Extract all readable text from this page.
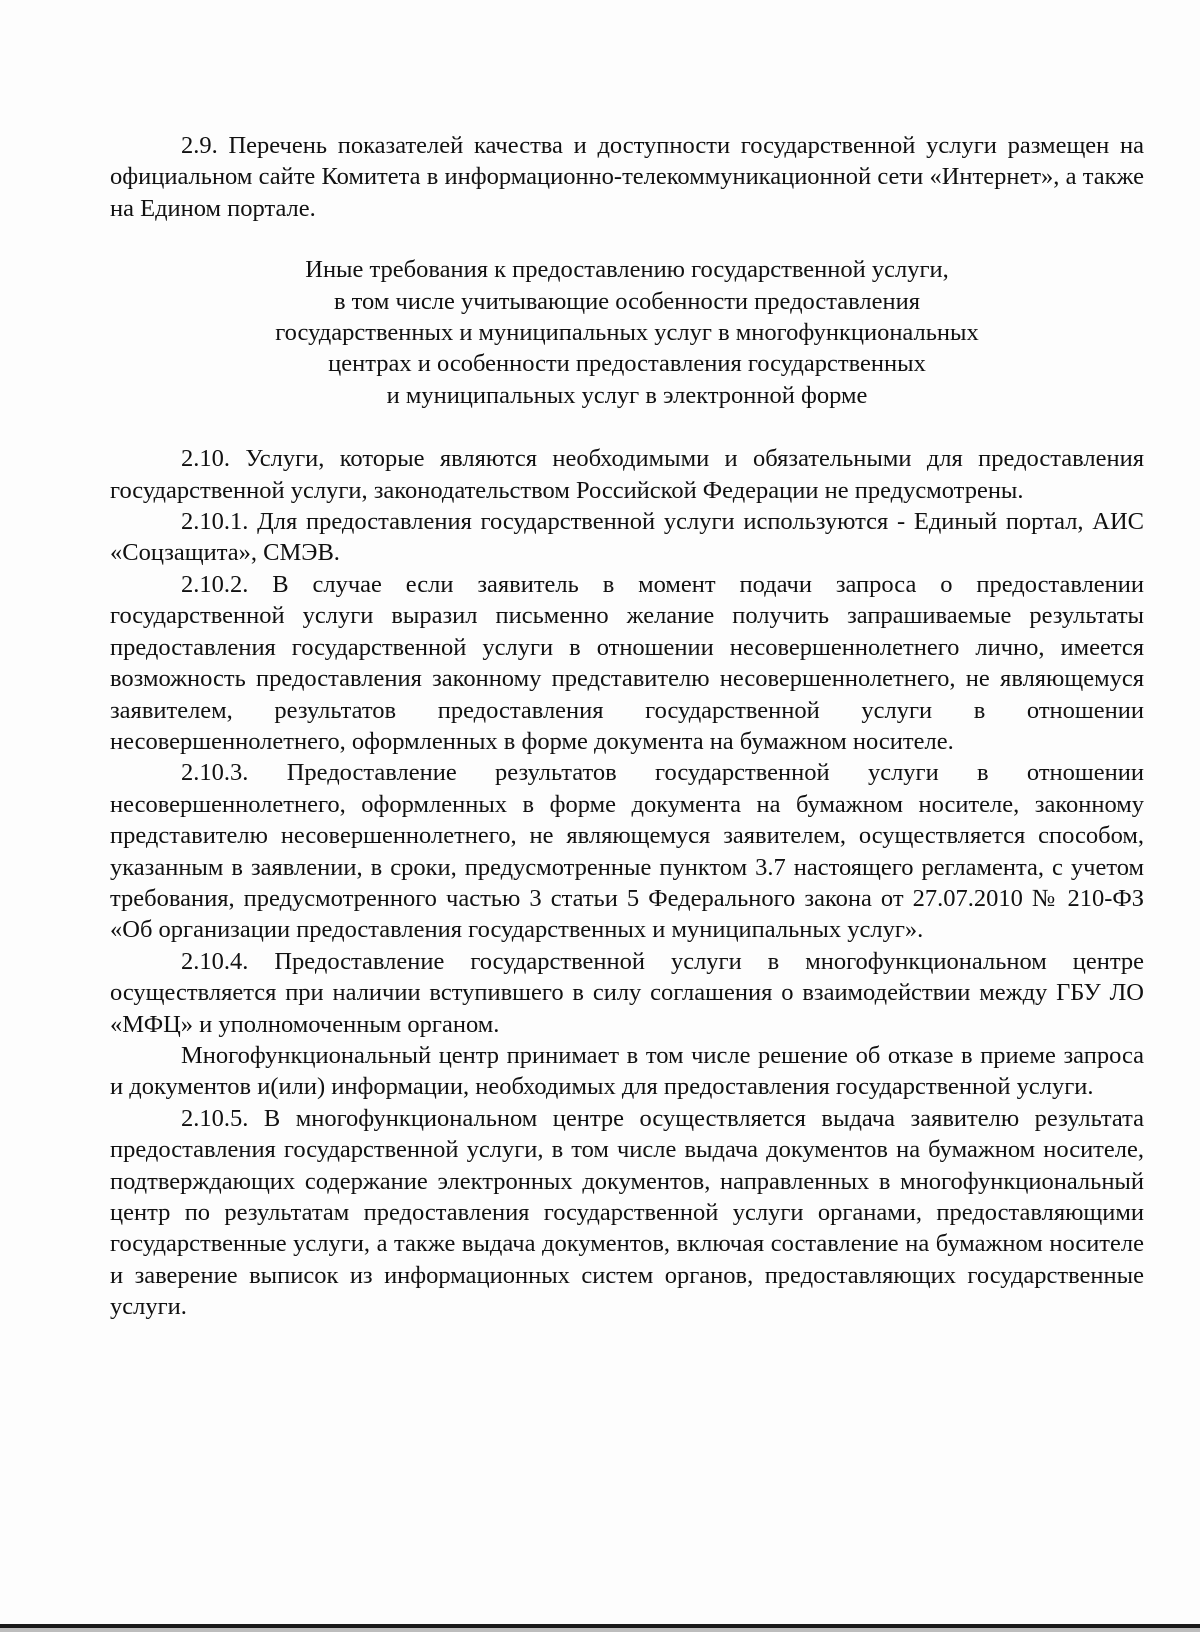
2.9. Перечень показателей качества и доступности государственной услуги размещен на официальном сайте Комитета в информационно-телекоммуникационной сети «Интернет», а также на Едином портале.

Иные требования к предоставлению государственной услуги,
в том числе учитывающие особенности предоставления
государственных и муниципальных услуг в многофункциональных
центрах и особенности предоставления государственных
и муниципальных услуг в электронной форме

2.10. Услуги, которые являются необходимыми и обязательными для предоставления государственной услуги, законодательством Российской Федерации не предусмотрены.

2.10.1. Для предоставления государственной услуги используются - Единый портал, АИС «Соцзащита», СМЭВ.

2.10.2. В случае если заявитель в момент подачи запроса о предоставлении государственной услуги выразил письменно желание получить запрашиваемые результаты предоставления государственной услуги в отношении несовершеннолетнего лично, имеется возможность предоставления законному представителю несовершеннолетнего, не являющемуся заявителем, результатов предоставления государственной услуги в отношении несовершеннолетнего, оформленных в форме документа на бумажном носителе.

2.10.3. Предоставление результатов государственной услуги в отношении несовершеннолетнего, оформленных в форме документа на бумажном носителе, законному представителю несовершеннолетнего, не являющемуся заявителем, осуществляется способом, указанным в заявлении, в сроки, предусмотренные пунктом 3.7 настоящего регламента, с учетом требования, предусмотренного частью 3 статьи 5 Федерального закона от 27.07.2010 № 210-ФЗ «Об организации предоставления государственных и муниципальных услуг».

2.10.4. Предоставление государственной услуги в многофункциональном центре осуществляется при наличии вступившего в силу соглашения о взаимодействии между ГБУ ЛО «МФЦ» и уполномоченным органом.

Многофункциональный центр принимает в том числе решение об отказе в приеме запроса и документов и(или) информации, необходимых для предоставления государственной услуги.

2.10.5. В многофункциональном центре осуществляется выдача заявителю результата предоставления государственной услуги, в том числе выдача документов на бумажном носителе, подтверждающих содержание электронных документов, направленных в многофункциональный центр по результатам предоставления государственной услуги органами, предоставляющими государственные услуги, а также выдача документов, включая составление на бумажном носителе и заверение выписок из информационных систем органов, предоставляющих государственные услуги.
